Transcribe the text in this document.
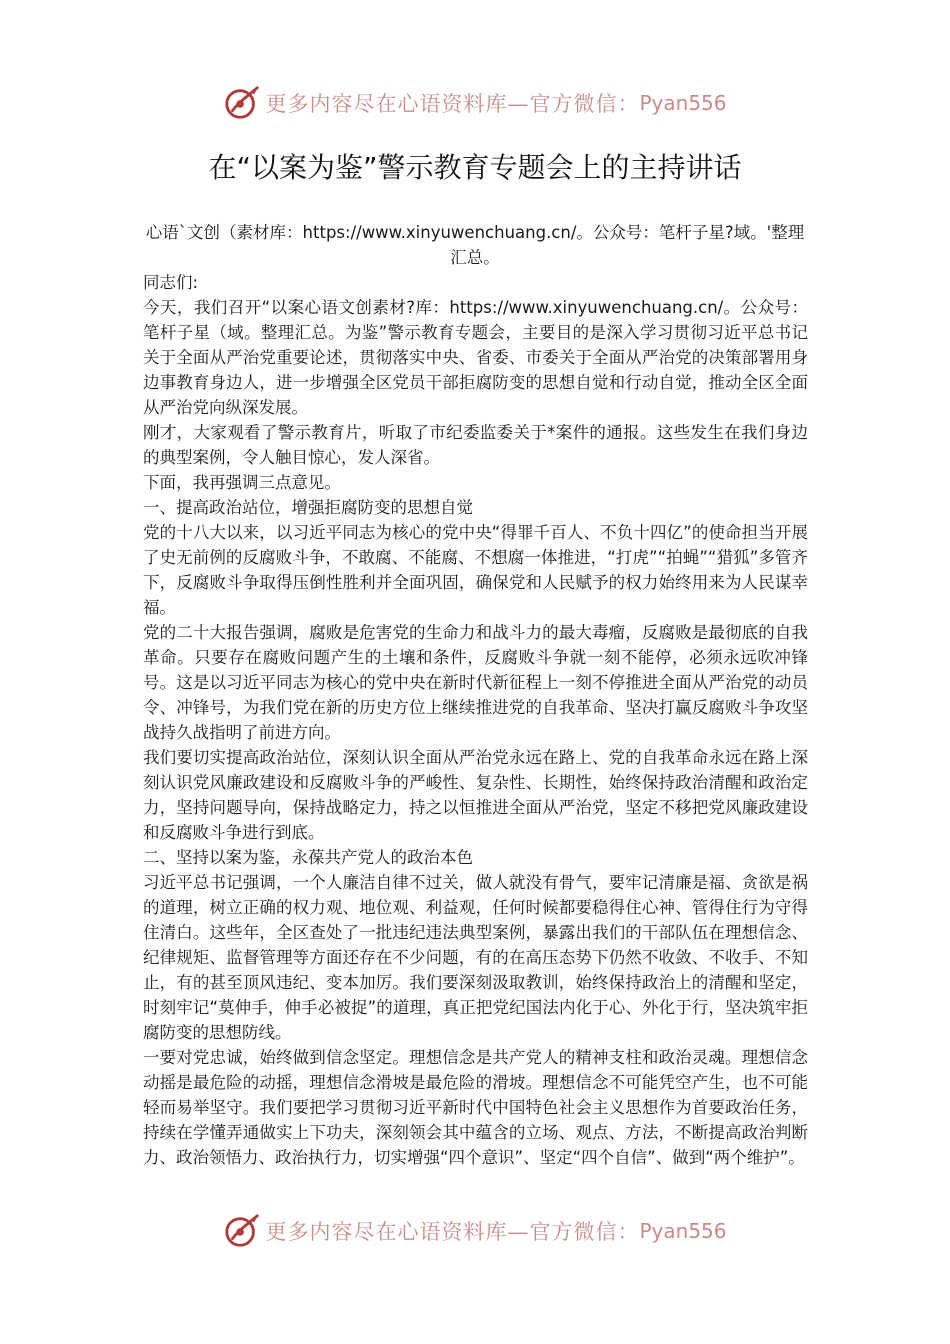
更多内容尽在心语资料库—官方微信： Pyan556
在“以案为鉴”警示教育专题会上的主持讲话
心语`文创（素材库：https://www.xinyuwenchuang.cn/。公众号：笔杆子星?域。'整理汇总。

同志们:

今天，我们召开“以案心语文创素材?库：https://www.xinyuwenchuang.cn/。公众号：笔杆子星（域。整理汇总。为鉴”警示教育专题会，主要目的是深入学习贯彻习近平总书记关于全面从严治党重要论述，贯彻落实中央、省委、市委关于全面从严治党的决策部署用身边事教育身边人，进一步增强全区党员干部拒腐防变的思想自觉和行动自觉，推动全区全面从严治党向纵深发展。

刚才，大家观看了警示教育片，听取了市纪委监委关于*案件的通报。这些发生在我们身边的典型案例，令人触目惊心，发人深省。

下面，我再强调三点意见。

一、提高政治站位，增强拒腐防变的思想自觉

党的十八大以来，以习近平同志为核心的党中央“得罪千百人、不负十四亿”的使命担当开展了史无前例的反腐败斗争，不敢腐、不能腐、不想腐一体推进，“打虎”“拍蝇”“猎狐”多管齐下，反腐败斗争取得压倒性胜利并全面巩固，确保党和人民赋予的权力始终用来为人民谋幸福。

党的二十大报告强调，腐败是危害党的生命力和战斗力的最大毒瘤，反腐败是最彻底的自我革命。只要存在腐败问题产生的土壤和条件，反腐败斗争就一刻不能停，必须永远吹冲锋号。这是以习近平同志为核心的党中央在新时代新征程上一刻不停推进全面从严治党的动员令、冲锋号，为我们党在新的历史方位上继续推进党的自我革命、坚决打赢反腐败斗争攻坚战持久战指明了前进方向。

我们要切实提高政治站位，深刻认识全面从严治党永远在路上、党的自我革命永远在路上深刻认识党风廉政建设和反腐败斗争的严峻性、复杂性、长期性，始终保持政治清醒和政治定力，坚持问题导向，保持战略定力，持之以恒推进全面从严治党，坚定不移把党风廉政建设和反腐败斗争进行到底。

二、坚持以案为鉴，永葆共产党人的政治本色

习近平总书记强调，一个人廉洁自律不过关，做人就没有骨气，要牢记清廉是福、贪欲是祸的道理，树立正确的权力观、地位观、利益观，任何时候都要稳得住心神、管得住行为守得住清白。这些年，全区查处了一批违纪违法典型案例，暴露出我们的干部队伍在理想信念、纪律规矩、监督管理等方面还存在不少问题，有的在高压态势下仍然不收敛、不收手、不知止，有的甚至顶风违纪、变本加厉。我们要深刻汲取教训，始终保持政治上的清醒和坚定，时刻牢记“莫伸手，伸手必被捉”的道理，真正把党纪国法内化于心、外化于行，坚决筑牢拒腐防变的思想防线。

一要对党忠诚，始终做到信念坚定。理想信念是共产党人的精神支柱和政治灵魂。理想信念动摇是最危险的动摇，理想信念滑坡是最危险的滑坡。理想信念不可能凭空产生，也不可能轻而易举坚守。我们要把学习贯彻习近平新时代中国特色社会主义思想作为首要政治任务，持续在学懂弄通做实上下功夫，深刻领会其中蕴含的立场、观点、方法，不断提高政治判断力、政治领悟力、政治执行力，切实增强“四个意识”、坚定“四个自信”、做到“两个维护”。

更多内容尽在心语资料库—官方微信： Pyan556
